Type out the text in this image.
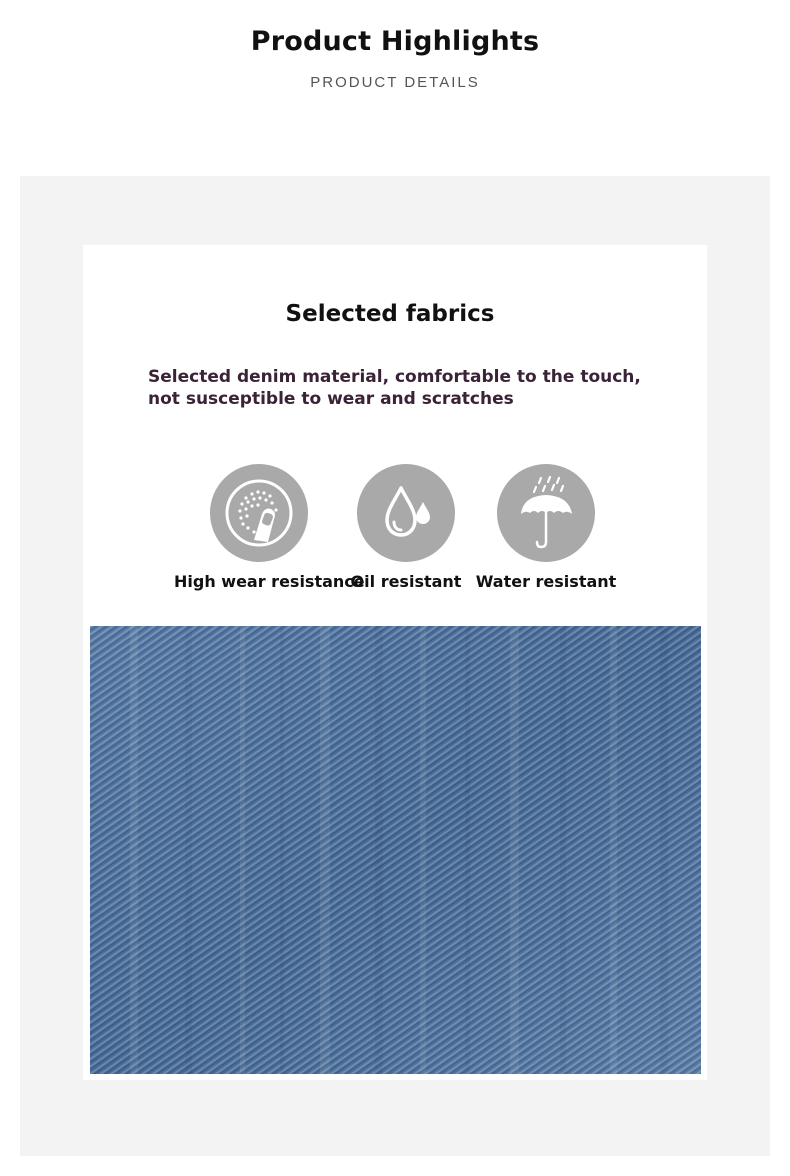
Product Highlights
PRODUCT DETAILS
Selected fabrics
Selected denim material, comfortable to the touch, not susceptible to wear and scratches
High wear resistance
Oil resistant Water resistant
